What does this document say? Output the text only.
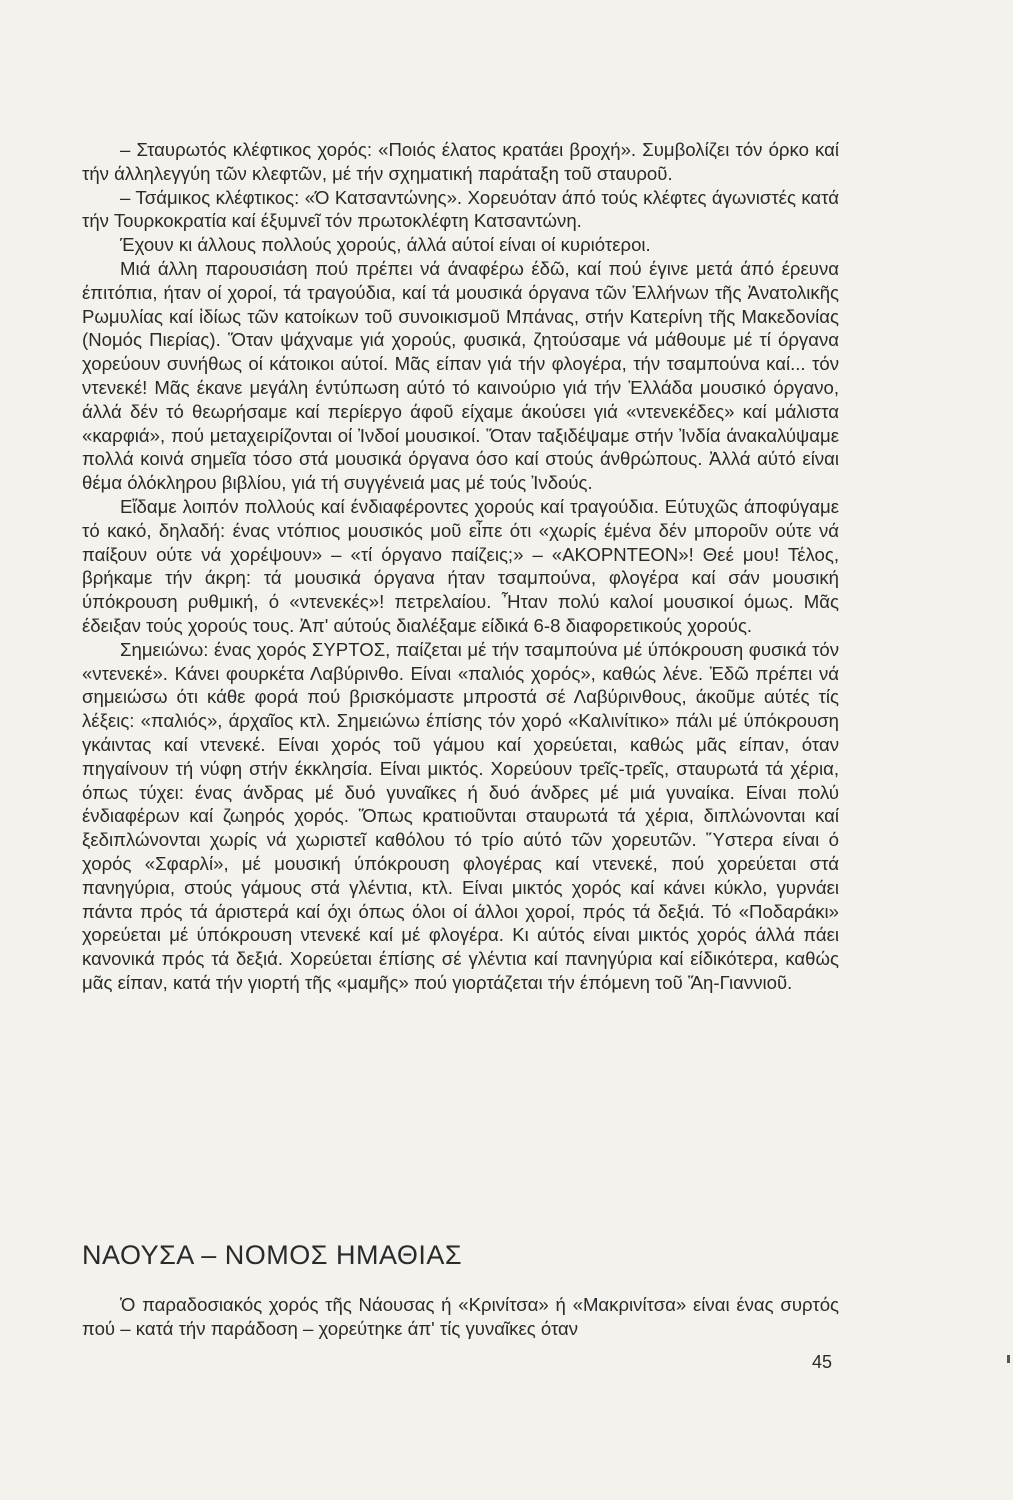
– Σταυρωτός κλέφτικος χορός: «Ποιός έλατος κρατάει βροχή». Συμβολίζει τόν όρκο καί τήν άλληλεγγύη τῶν κλεφτῶν, μέ τήν σχηματική παράταξη τοῦ σταυροῦ.

– Τσάμικος κλέφτικος: «Ό Κατσαντώνης». Χορευόταν άπό τούς κλέφτες άγωνιστές κατά τήν Τουρκοκρατία καί έξυμνεῖ τόν πρωτοκλέφτη Κατσαντώνη.

Έχουν κι άλλους πολλούς χορούς, άλλά αύτοί είναι οί κυριότεροι.

Μιά άλλη παρουσιάση πού πρέπει νά άναφέρω έδῶ, καί πού έγινε μετά άπό έρευνα έπιτόπια, ήταν οί χοροί, τά τραγούδια, καί τά μουσικά όργανα τῶν Ἑλλήνων τῆς Ἀνατολικῆς Ρωμυλίας καί ἰδίως τῶν κατοίκων τοῦ συνοικισμοῦ Μπάνας, στήν Κατερίνη τῆς Μακεδονίας (Νομός Πιερίας). Ὅταν ψάχναμε γιά χορούς, φυσικά, ζητούσαμε νά μάθουμε μέ τί όργανα χορεύουν συνήθως οί κάτοικοι αύτοί. Μᾶς είπαν γιά τήν φλογέρα, τήν τσαμπούνα καί... τόν ντενεκέ! Μᾶς έκανε μεγάλη έντύπωση αύτό τό καινούριο γιά τήν Ἑλλάδα μουσικό όργανο, άλλά δέν τό θεωρήσαμε καί περίεργο άφοῦ είχαμε άκούσει γιά «ντενεκέδες» καί μάλιστα «καρφιά», πού μεταχειρίζονται οί Ἰνδοί μουσικοί. Ὅταν ταξιδέψαμε στήν Ἰνδία άνακαλύψαμε πολλά κοινά σημεῖα τόσο στά μουσικά όργανα όσο καί στούς άνθρώπους. Ἀλλά αύτό είναι θέμα όλόκληρου βιβλίου, γιά τή συγγένειά μας μέ τούς Ἰνδούς.

Εἴδαμε λοιπόν πολλούς καί ένδιαφέροντες χορούς καί τραγούδια. Εύτυχῶς άποφύγαμε τό κακό, δηλαδή: ένας ντόπιος μουσικός μοῦ εἶπε ότι «χωρίς έμένα δέν μποροῦν ούτε νά παίξουν ούτε νά χορέψουν» – «τί όργανο παίζεις;» – «ΑΚΟΡΝΤΕΟΝ»! Θεέ μου! Τέλος, βρήκαμε τήν άκρη: τά μουσικά όργανα ήταν τσαμπούνα, φλογέρα καί σάν μουσική ύπόκρουση ρυθμική, ό «ντενεκές»! πετρελαίου. Ἦταν πολύ καλοί μουσικοί όμως. Μᾶς έδειξαν τούς χορούς τους. Ἀπ' αύτούς διαλέξαμε είδικά 6-8 διαφορετικούς χορούς.

Σημειώνω: ένας χορός ΣΥΡΤΟΣ, παίζεται μέ τήν τσαμπούνα μέ ύπόκρουση φυσικά τόν «ντενεκέ». Κάνει φουρκέτα Λαβύρινθο. Είναι «παλιός χορός», καθώς λένε. Ἐδῶ πρέπει νά σημειώσω ότι κάθε φορά πού βρισκόμαστε μπροστά σέ Λαβύρινθους, άκοῦμε αύτές τίς λέξεις: «παλιός», άρχαῖος κτλ. Σημειώνω έπίσης τόν χορό «Καλινίτικο» πάλι μέ ύπόκρουση γκάιντας καί ντενεκέ. Είναι χορός τοῦ γάμου καί χορεύεται, καθώς μᾶς είπαν, όταν πηγαίνουν τή νύφη στήν έκκλησία. Είναι μικτός. Χορεύουν τρεῖς-τρεῖς, σταυρωτά τά χέρια, όπως τύχει: ένας άνδρας μέ δυό γυναῖκες ή δυό άνδρες μέ μιά γυναίκα. Είναι πολύ ένδιαφέρων καί ζωηρός χορός. Ὅπως κρατιοῦνται σταυρωτά τά χέρια, διπλώνονται καί ξεδιπλώνονται χωρίς νά χωριστεῖ καθόλου τό τρίο αύτό τῶν χορευτῶν. Ὕστερα είναι ό χορός «Σφαρλί», μέ μουσική ύπόκρουση φλογέρας καί ντενεκέ, πού χορεύεται στά πανηγύρια, στούς γάμους στά γλέντια, κτλ. Είναι μικτός χορός καί κάνει κύκλο, γυρνάει πάντα πρός τά άριστερά καί όχι όπως όλοι οί άλλοι χοροί, πρός τά δεξιά. Τό «Ποδαράκι» χορεύεται μέ ύπόκρουση ντενεκέ καί μέ φλογέρα. Κι αύτός είναι μικτός χορός άλλά πάει κανονικά πρός τά δεξιά. Χορεύεται έπίσης σέ γλέντια καί πανηγύρια καί είδικότερα, καθώς μᾶς είπαν, κατά τήν γιορτή τῆς «μαμῆς» πού γιορτάζεται τήν έπόμενη τοῦ Ἅη-Γιαννιοῦ.

ΝΑΟΥΣΑ – ΝΟΜΟΣ ΗΜΑΘΙΑΣ

Ὁ παραδοσιακός χορός τῆς Νάουσας ή «Κρινίτσα» ή «Μακρινίτσα» είναι ένας συρτός πού – κατά τήν παράδοση – χορεύτηκε άπ' τίς γυναῖκες όταν

45
